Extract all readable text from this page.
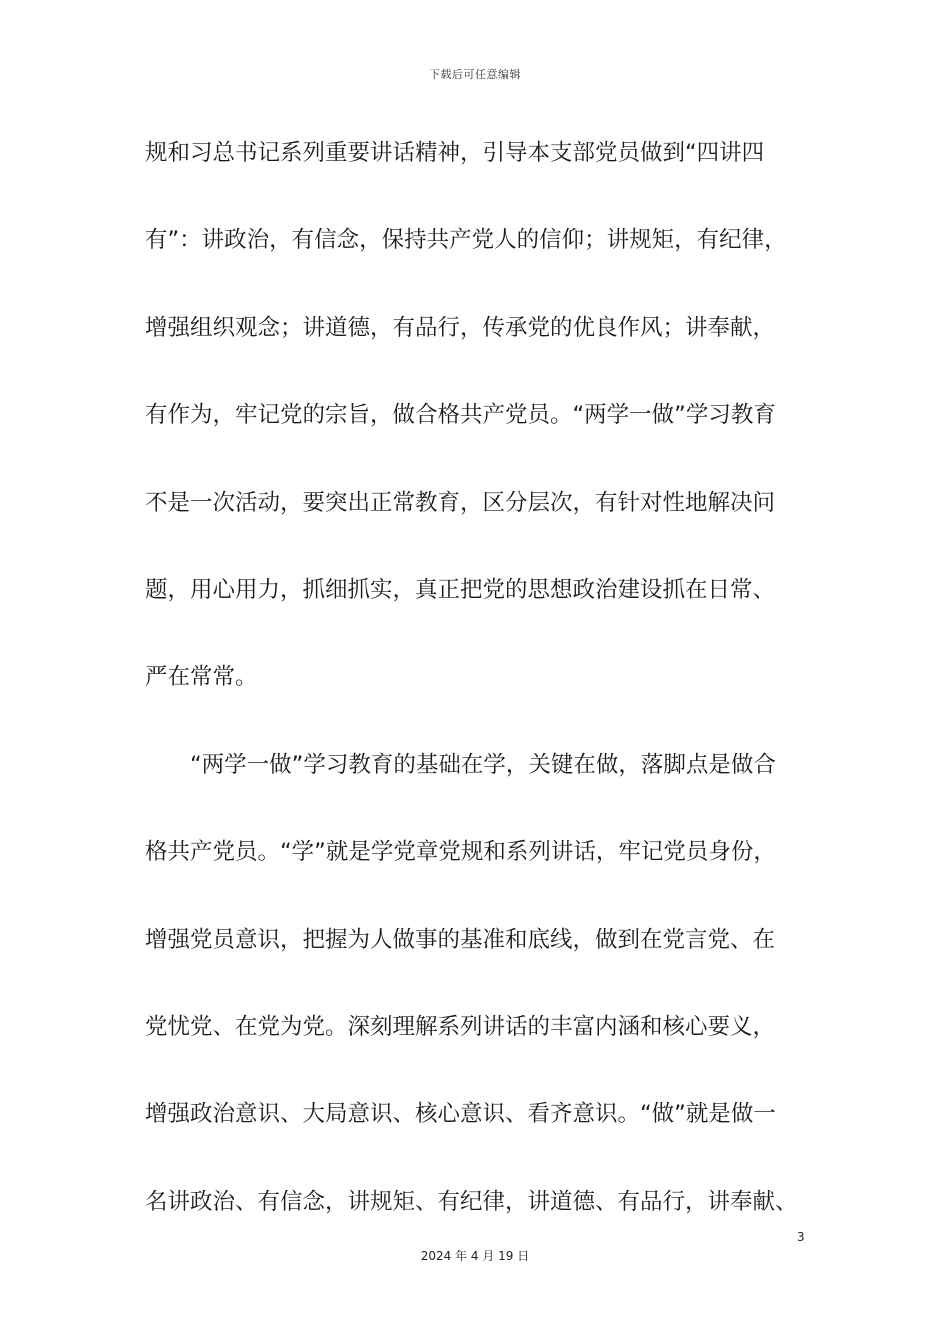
下载后可任意编辑
规和习总书记系列重要讲话精神，引导本支部党员做到“四讲四
有”：讲政治，有信念，保持共产党人的信仰；讲规矩，有纪律，
增强组织观念；讲道德，有品行，传承党的优良作风；讲奉献，
有作为，牢记党的宗旨，做合格共产党员。“两学一做”学习教育
不是一次活动，要突出正常教育，区分层次，有针对性地解决问
题，用心用力，抓细抓实，真正把党的思想政治建设抓在日常、
严在常常。
　　“两学一做”学习教育的基础在学，关键在做，落脚点是做合
格共产党员。“学”就是学党章党规和系列讲话，牢记党员身份，
增强党员意识，把握为人做事的基准和底线，做到在党言党、在
党忧党、在党为党。深刻理解系列讲话的丰富内涵和核心要义，
增强政治意识、大局意识、核心意识、看齐意识。“做”就是做一
名讲政治、有信念，讲规矩、有纪律，讲道德、有品行，讲奉献、
3
2024 年 4 月 19 日
